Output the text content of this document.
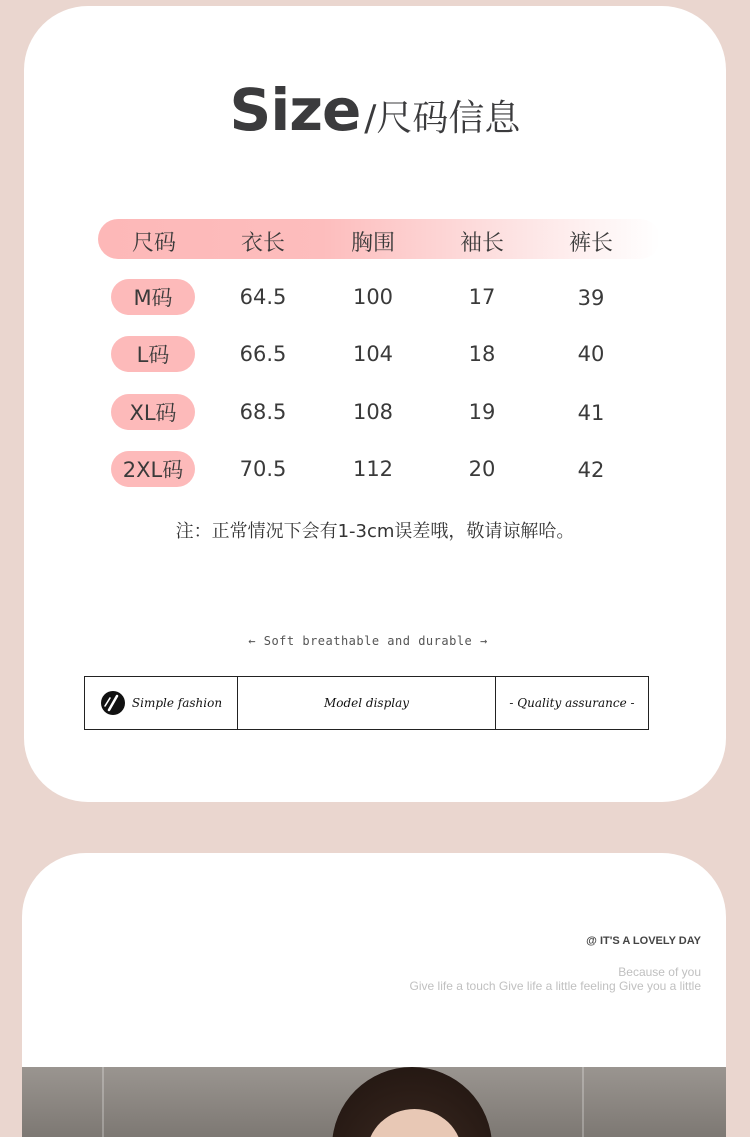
Size /尺码信息
尺码	衣长	胸围	袖长	裤长
M码	64.5	100	17	39
L码	66.5	104	18	40
XL码	68.5	108	19	41
2XL码	70.5	112	20	42
注：正常情况下会有1-3cm误差哦，敬请谅解哈。
← Soft breathable and durable →
Simple fashion	Model display	- Quality assurance -
@ IT'S A LOVELY DAY
Because of you
Give life a touch Give life a little feeling Give you a little
